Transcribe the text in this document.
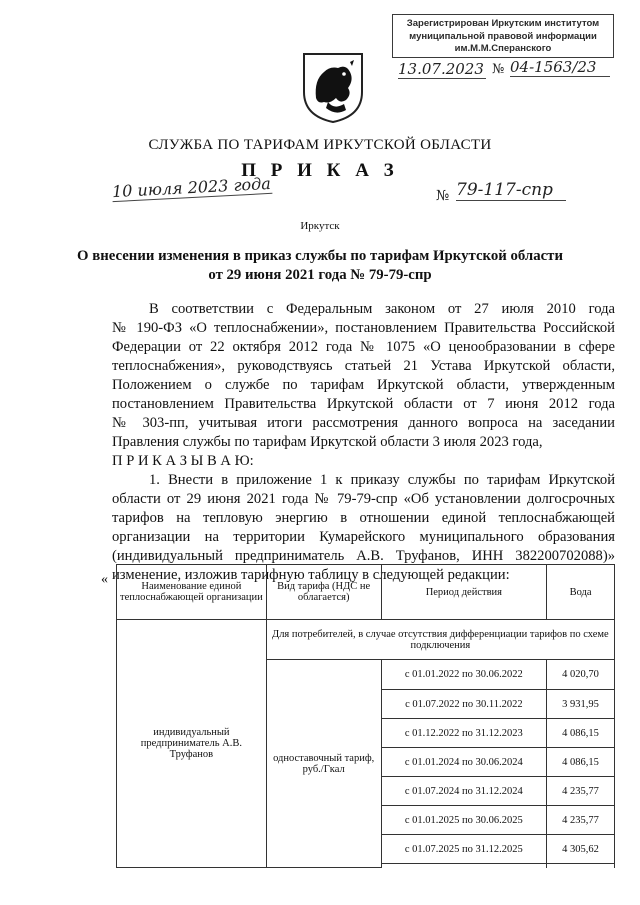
Зарегистрирован Иркутским институтом
муниципальной правовой информации
им.М.М.Сперанского
13.07.2023 № 04-1563/23
СЛУЖБА ПО ТАРИФАМ ИРКУТСКОЙ ОБЛАСТИ
П Р И К А З
10 июля 2023 года	№ 79-117-спр
Иркутск
О внесении изменения в приказ службы по тарифам Иркутской области
от 29 июня 2021 года № 79-79-спр
В соответствии с Федеральным законом от 27 июля 2010 года
№ 190-ФЗ «О теплоснабжении», постановлением Правительства Российской
Федерации от 22 октября 2012 года № 1075 «О ценообразовании в сфере
теплоснабжения», руководствуясь статьей 21 Устава Иркутской области,
Положением о службе по тарифам Иркутской области, утвержденным
постановлением Правительства Иркутской области от 7 июня 2012 года
№ 303-пп, учитывая итоги рассмотрения данного вопроса на заседании
Правления службы по тарифам Иркутской области 3 июля 2023 года,
П Р И К А З Ы В А Ю:
1. Внести в приложение 1 к приказу службы по тарифам Иркутской
области от 29 июня 2021 года № 79-79-спр «Об установлении долгосрочных
тарифов на тепловую энергию в отношении единой теплоснабжающей
организации на территории Кумарейского муниципального образования
(индивидуальный предприниматель А.В. Труфанов, ИНН 382200702088)»
изменение, изложив тарифную таблицу в следующей редакции:
«	Наименование единой теплоснабжающей организации	Вид тарифа (НДС не облагается)	Период действия	Вода
индивидуальный предприниматель А.В. Труфанов	Для потребителей, в случае отсутствия дифференциации тарифов по схеме подключения		
	одноставочный тариф, руб./Гкал	с 01.01.2022 по 30.06.2022	4 020,70
		с 01.07.2022 по 30.11.2022	3 931,95
		с 01.12.2022 по 31.12.2023	4 086,15
		с 01.01.2024 по 30.06.2024	4 086,15
		с 01.07.2024 по 31.12.2024	4 235,77
		с 01.01.2025 по 30.06.2025	4 235,77
		с 01.07.2025 по 31.12.2025	4 305,62
